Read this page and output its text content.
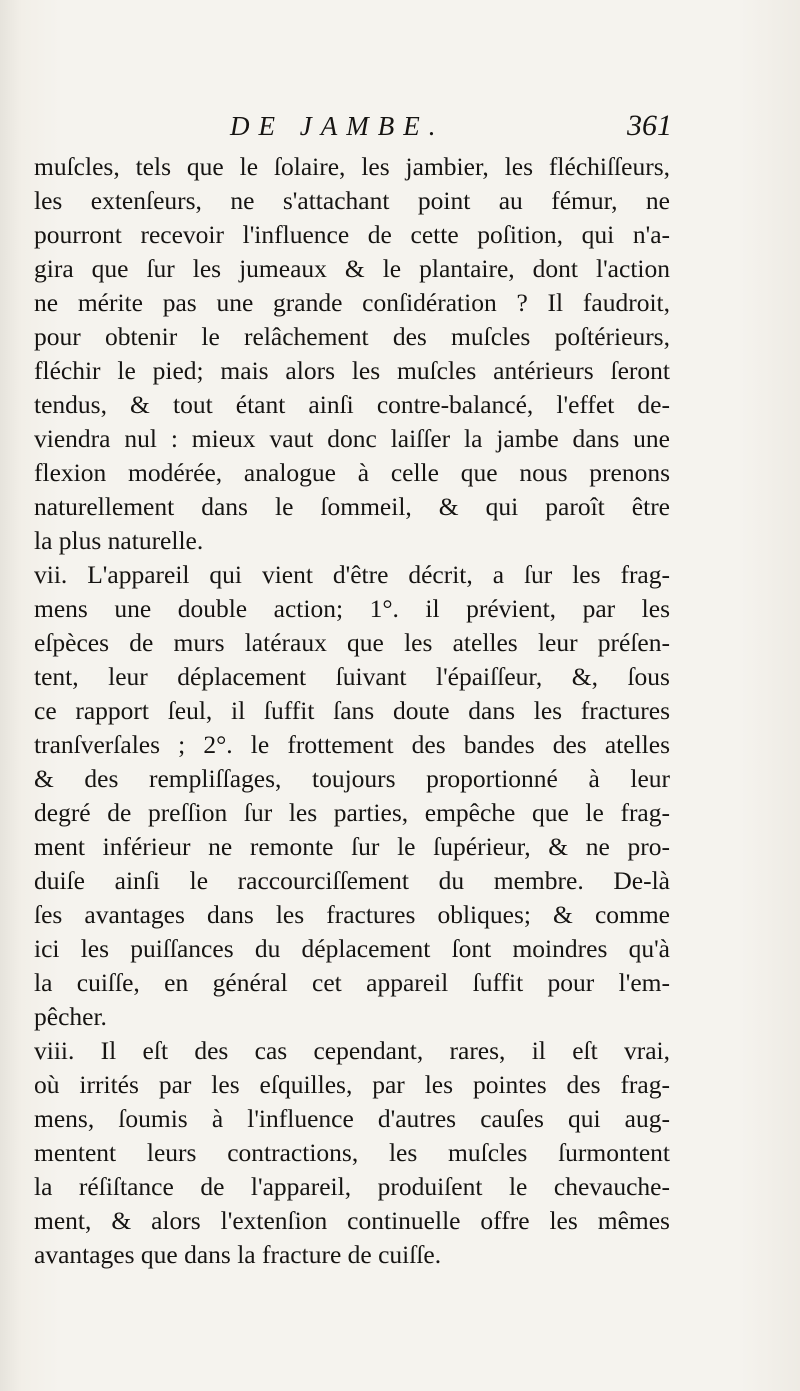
DE JAMBE.	361
muſcles, tels que le ſolaire, les jambier, les fléchiſſeurs,
les extenſeurs, ne s'attachant point au fémur, ne
pourront recevoir l'influence de cette poſition, qui n'a-
gira que ſur les jumeaux & le plantaire, dont l'action
ne mérite pas une grande conſidération ? Il faudroit,
pour obtenir le relâchement des muſcles poſtérieurs,
fléchir le pied; mais alors les muſcles antérieurs ſeront
tendus, & tout étant ainſi contre-balancé, l'effet de-
viendra nul : mieux vaut donc laiſſer la jambe dans une
flexion modérée, analogue à celle que nous prenons
naturellement dans le ſommeil, & qui paroît être
la plus naturelle.
vii. L'appareil qui vient d'être décrit, a ſur les frag-
mens une double action; 1°. il prévient, par les
eſpèces de murs latéraux que les atelles leur préſen-
tent, leur déplacement ſuivant l'épaiſſeur, &, ſous
ce rapport ſeul, il ſuffit ſans doute dans les fractures
tranſverſales ; 2°. le frottement des bandes des atelles
& des rempliſſages, toujours proportionné à leur
degré de preſſion ſur les parties, empêche que le frag-
ment inférieur ne remonte ſur le ſupérieur, & ne pro-
duiſe ainſi le raccourciſſement du membre. De-là
ſes avantages dans les fractures obliques; & comme
ici les puiſſances du déplacement ſont moindres qu'à
la cuiſſe, en général cet appareil ſuffit pour l'em-
pêcher.
viii. Il eſt des cas cependant, rares, il eſt vrai,
où irrités par les eſquilles, par les pointes des frag-
mens, ſoumis à l'influence d'autres cauſes qui aug-
mentent leurs contractions, les muſcles ſurmontent
la réſiſtance de l'appareil, produiſent le chevauche-
ment, & alors l'extenſion continuelle offre les mêmes
avantages que dans la fracture de cuiſſe.
